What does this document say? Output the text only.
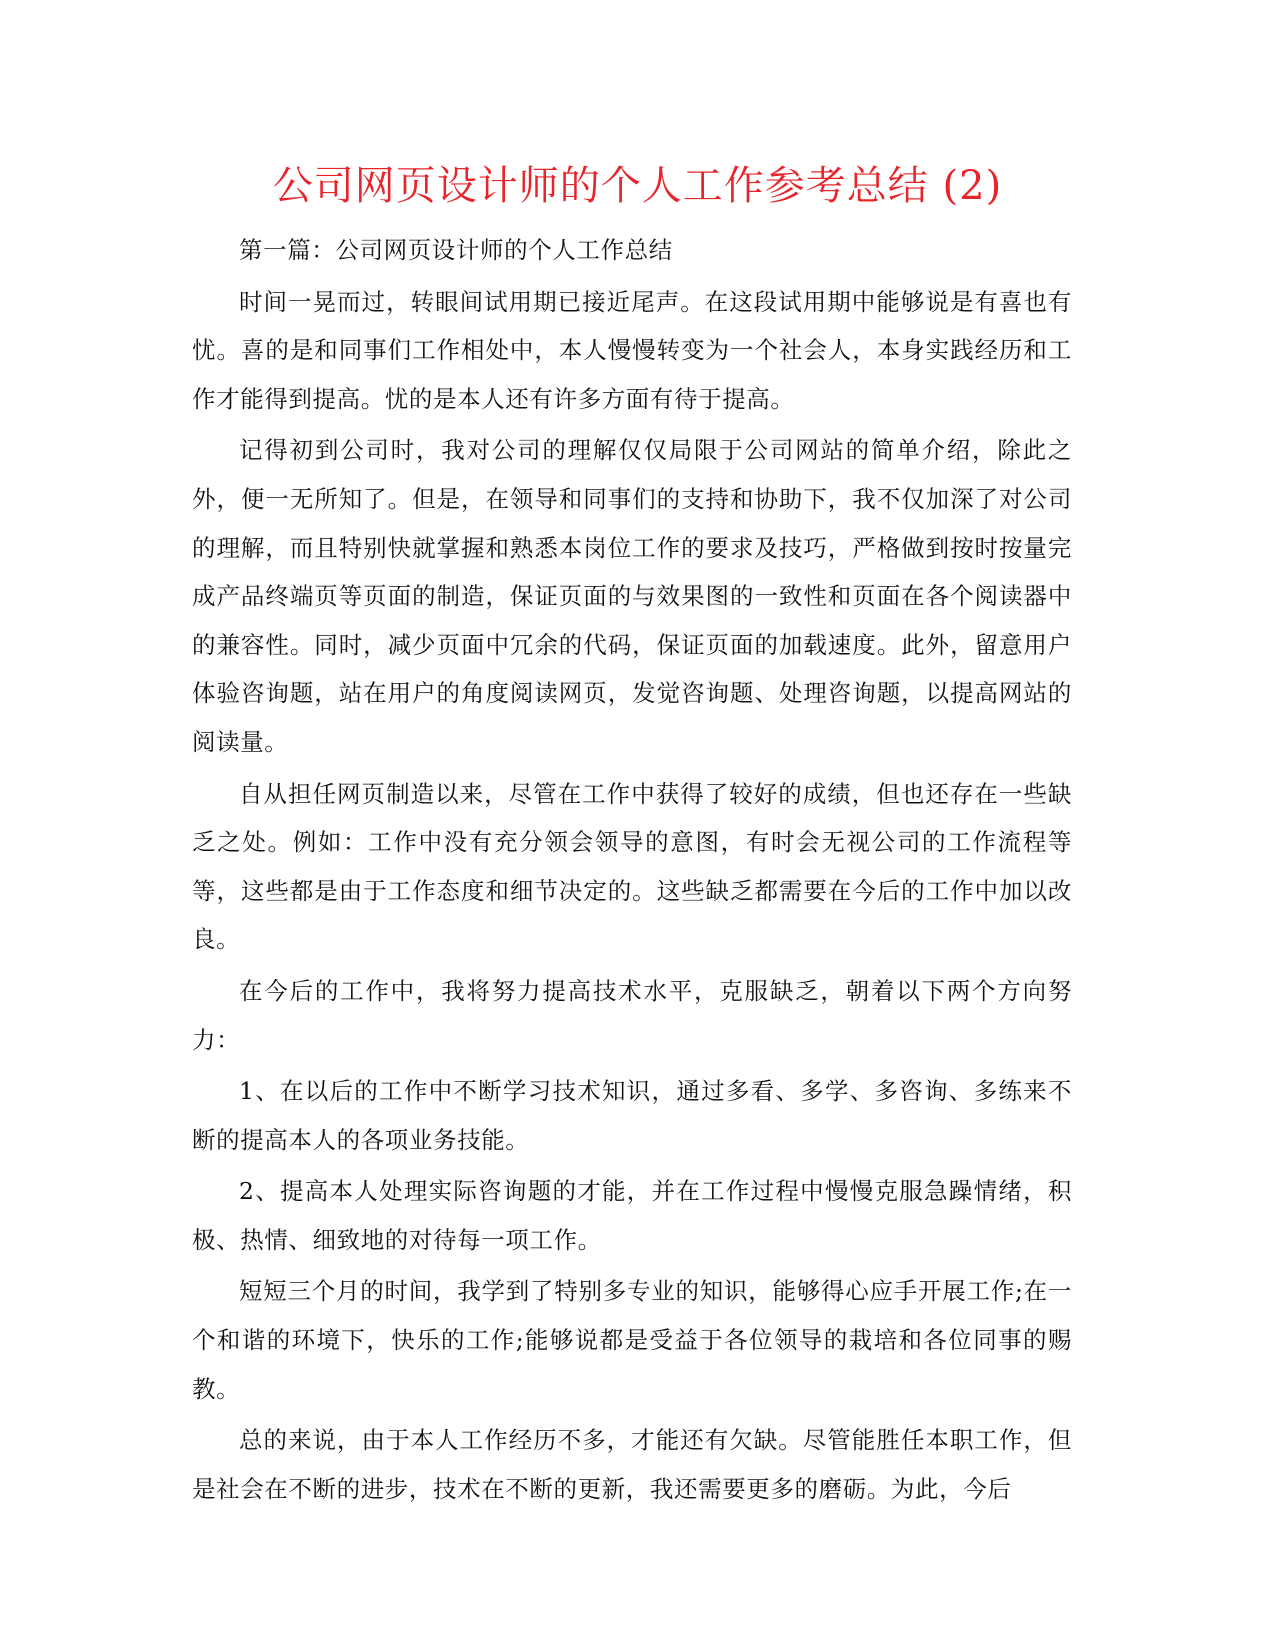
公司网页设计师的个人工作参考总结 (2)

第一篇：公司网页设计师的个人工作总结

时间一晃而过，转眼间试用期已接近尾声。在这段试用期中能够说是有喜也有忧。喜的是和同事们工作相处中，本人慢慢转变为一个社会人，本身实践经历和工作才能得到提高。忧的是本人还有许多方面有待于提高。

记得初到公司时，我对公司的理解仅仅局限于公司网站的简单介绍，除此之外，便一无所知了。但是，在领导和同事们的支持和协助下，我不仅加深了对公司的理解，而且特别快就掌握和熟悉本岗位工作的要求及技巧，严格做到按时按量完成产品终端页等页面的制造，保证页面的与效果图的一致性和页面在各个阅读器中的兼容性。同时，减少页面中冗余的代码，保证页面的加载速度。此外，留意用户体验咨询题，站在用户的角度阅读网页，发觉咨询题、处理咨询题，以提高网站的阅读量。

自从担任网页制造以来，尽管在工作中获得了较好的成绩，但也还存在一些缺乏之处。例如：工作中没有充分领会领导的意图，有时会无视公司的工作流程等等，这些都是由于工作态度和细节决定的。这些缺乏都需要在今后的工作中加以改良。

在今后的工作中，我将努力提高技术水平，克服缺乏，朝着以下两个方向努力：

1、在以后的工作中不断学习技术知识，通过多看、多学、多咨询、多练来不断的提高本人的各项业务技能。

2、提高本人处理实际咨询题的才能，并在工作过程中慢慢克服急躁情绪，积极、热情、细致地的对待每一项工作。

短短三个月的时间，我学到了特别多专业的知识，能够得心应手开展工作;在一个和谐的环境下，快乐的工作;能够说都是受益于各位领导的栽培和各位同事的赐教。

总的来说，由于本人工作经历不多，才能还有欠缺。尽管能胜任本职工作，但是社会在不断的进步，技术在不断的更新，我还需要更多的磨砺。为此，今后
